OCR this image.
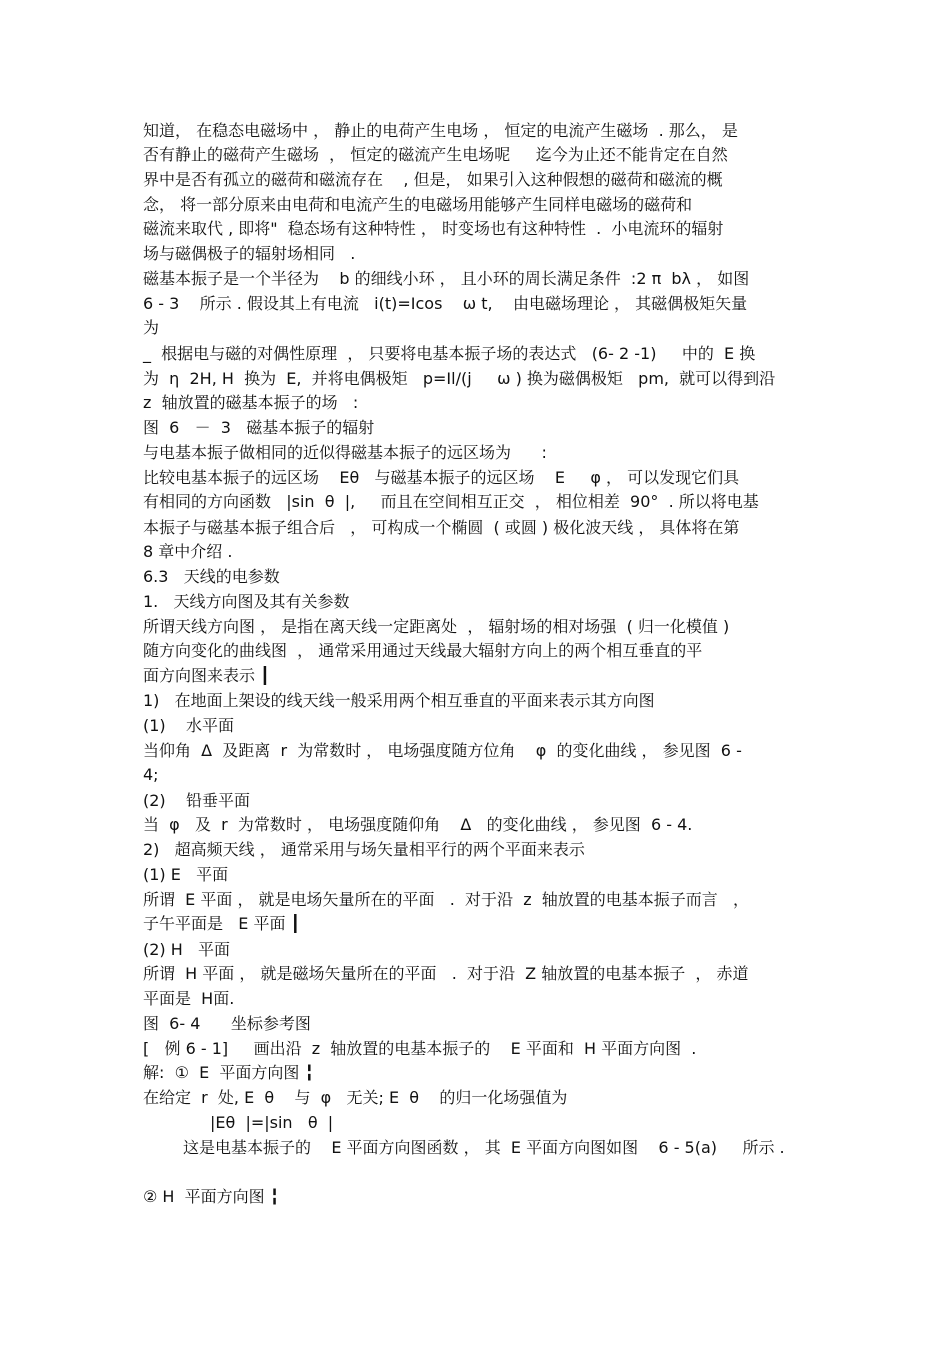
知道， 在稳态电磁场中 ， 静止的电荷产生电场 ， 恒定的电流产生磁场  . 那么， 是
否有静止的磁荷产生磁场  ， 恒定的磁流产生电场呢     迄今为止还不能肯定在自然
界中是否有孤立的磁荷和磁流存在    , 但是， 如果引入这种假想的磁荷和磁流的概
念， 将一部分原来由电荷和电流产生的电磁场用能够产生同样电磁场的磁荷和
磁流来取代 , 即将"  稳态场有这种特性 ， 时变场也有这种特性  .  小电流环的辐射
场与磁偶极子的辐射场相同   .
磁基本振子是一个半径为    b 的细线小环 ， 且小环的周长满足条件  :2 π  bλ ， 如图
6 - 3    所示 . 假设其上有电流   i(t)=Icos    ω t,    由电磁场理论 ， 其磁偶极矩矢量
为
_  根据电与磁的对偶性原理  ， 只要将电基本振子场的表达式   (6- 2 -1)     中的  E 换
为  η  2H, H  换为  E,  并将电偶极矩   p=Il/(j     ω ) 换为磁偶极矩   pm,  就可以得到沿
z  轴放置的磁基本振子的场   :
图  6   －  3   磁基本振子的辐射
与电基本振子做相同的近似得磁基本振子的远区场为      :
比较电基本振子的远区场    Eθ   与磁基本振子的远区场    E     φ ， 可以发现它们具
有相同的方向函数   |sin  θ  |,     而且在空间相互正交  ， 相位相差  90°  . 所以将电基
本振子与磁基本振子组合后   ， 可构成一个椭圆  ( 或圆 ) 极化波天线 ， 具体将在第
8 章中介绍 .
6.3   天线的电参数
1.   天线方向图及其有关参数
所谓天线方向图 ， 是指在离天线一定距离处  ， 辐射场的相对场强  ( 归一化模值 )
随方向变化的曲线图  ， 通常采用通过天线最大辐射方向上的两个相互垂直的平
面方向图来表示 ┃
1)   在地面上架设的线天线一般采用两个相互垂直的平面来表示其方向图
(1)    水平面
当仰角  Δ  及距离  r  为常数时 ， 电场强度随方位角    φ  的变化曲线 ， 参见图  6 -
4;
(2)    铅垂平面
当  φ   及  r  为常数时 ， 电场强度随仰角    Δ   的变化曲线 ， 参见图  6 - 4.
2)   超高频天线 ， 通常采用与场矢量相平行的两个平面来表示
(1) E   平面
所谓  E 平面 ， 就是电场矢量所在的平面   .  对于沿  z  轴放置的电基本振子而言   ，
子午平面是   E 平面 ┃
(2) H   平面
所谓  H 平面 ， 就是磁场矢量所在的平面   .  对于沿  Z 轴放置的电基本振子  ， 赤道
平面是  H面.
图  6- 4      坐标参考图
[   例 6 - 1]     画出沿  z  轴放置的电基本振子的    E 平面和  H 平面方向图  .
解:  ①  E  平面方向图 ╏
在给定  r  处, E  θ    与  φ   无关; E  θ    的归一化场强值为
|Eθ  |=|sin   θ  |
这是电基本振子的    E 平面方向图函数 ， 其  E 平面方向图如图    6 - 5(a)     所示 .
② H  平面方向图 ╏
